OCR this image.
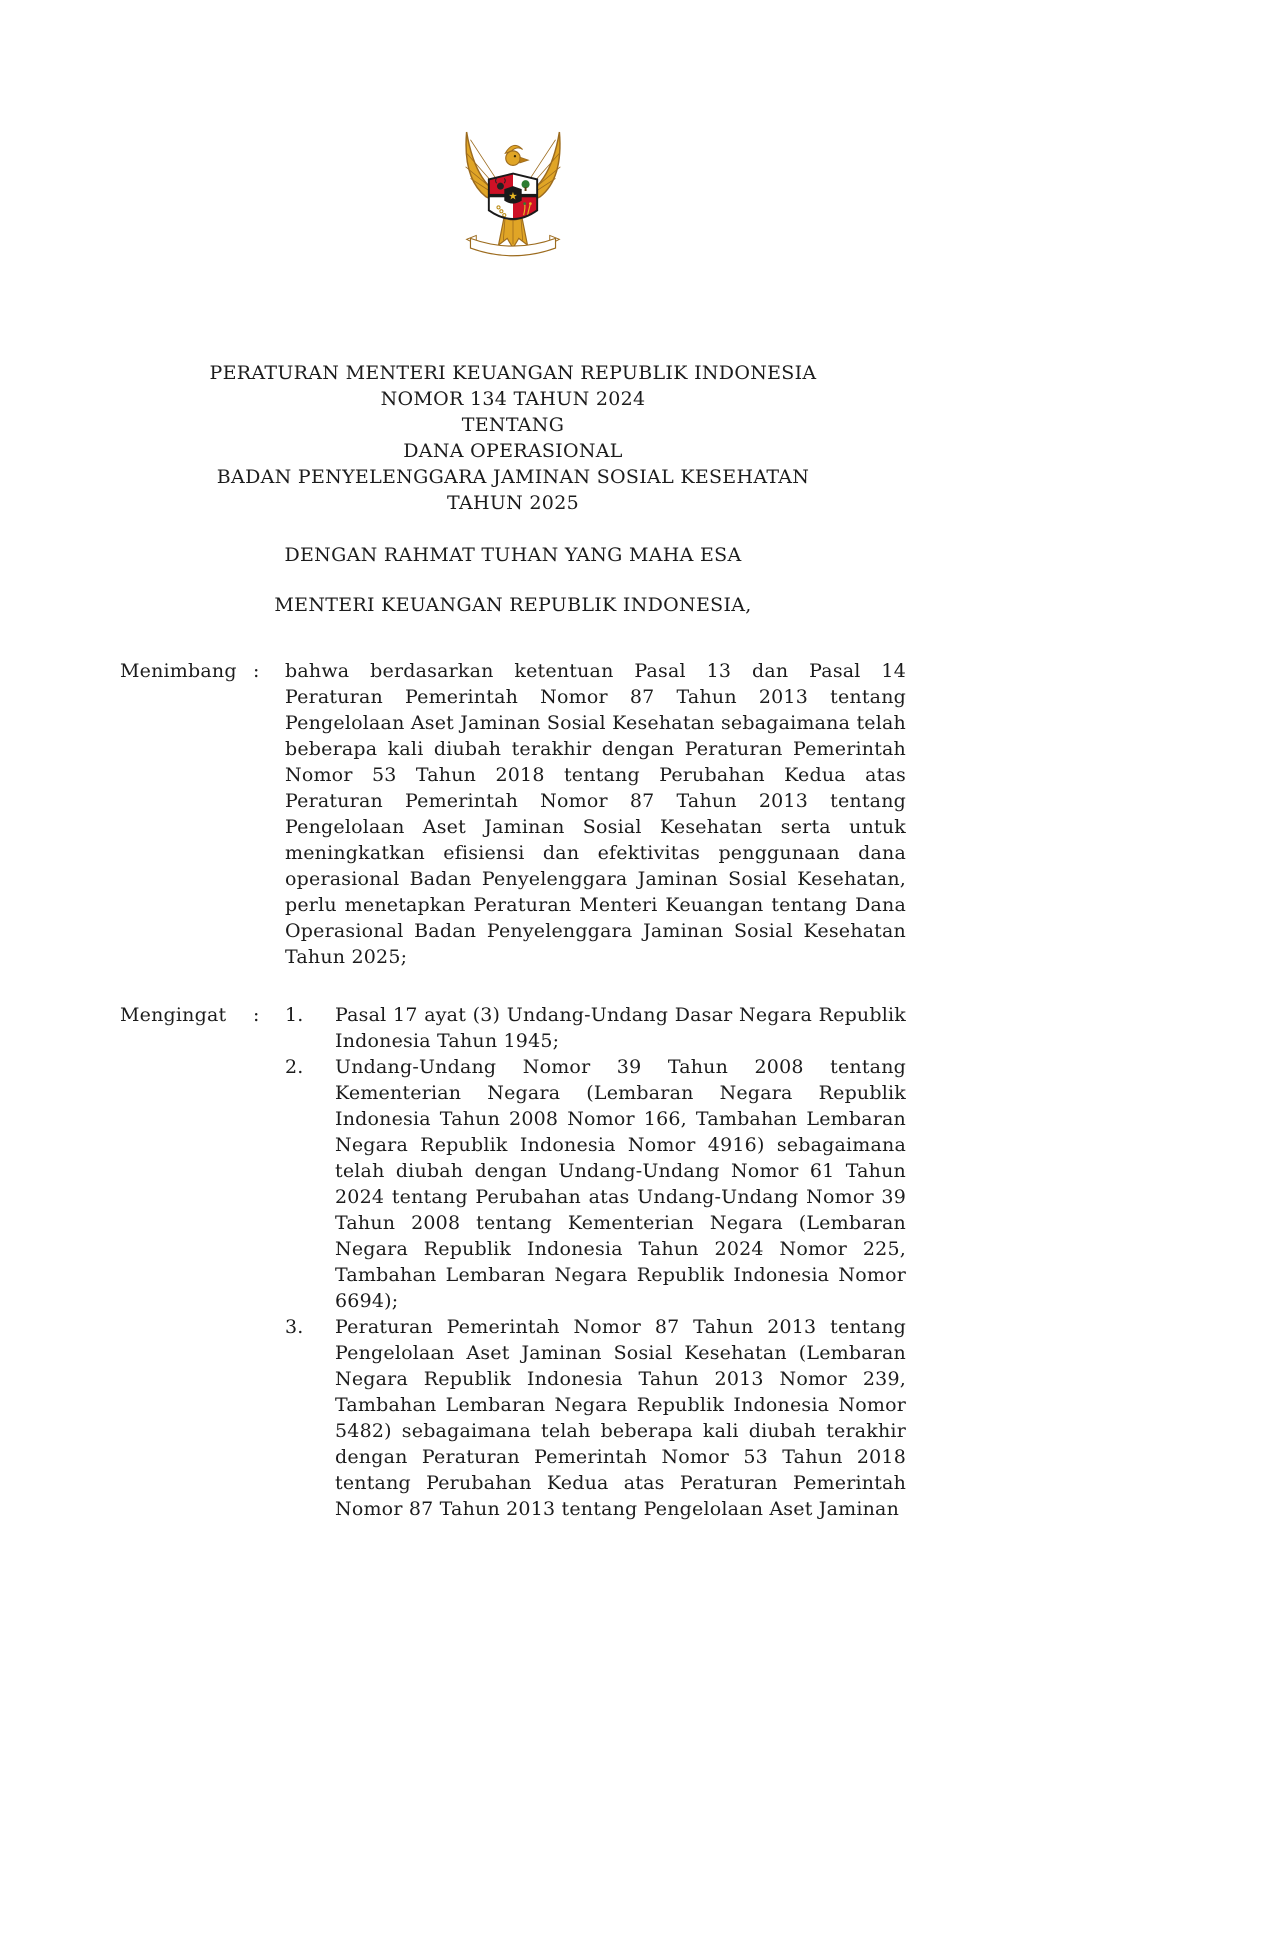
★
PERATURAN MENTERI KEUANGAN REPUBLIK INDONESIA
NOMOR 134 TAHUN 2024
TENTANG
DANA OPERASIONAL
BADAN PENYELENGGARA JAMINAN SOSIAL KESEHATAN
TAHUN 2025
DENGAN RAHMAT TUHAN YANG MAHA ESA
MENTERI KEUANGAN REPUBLIK INDONESIA,
Menimbang :	bahwa berdasarkan ketentuan Pasal 13 dan Pasal 14 Peraturan Pemerintah Nomor 87 Tahun 2013 tentang Pengelolaan Aset Jaminan Sosial Kesehatan sebagaimana telah beberapa kali diubah terakhir dengan Peraturan Pemerintah Nomor 53 Tahun 2018 tentang Perubahan Kedua atas Peraturan Pemerintah Nomor 87 Tahun 2013 tentang Pengelolaan Aset Jaminan Sosial Kesehatan serta untuk meningkatkan efisiensi dan efektivitas penggunaan dana operasional Badan Penyelenggara Jaminan Sosial Kesehatan, perlu menetapkan Peraturan Menteri Keuangan tentang Dana Operasional Badan Penyelenggara Jaminan Sosial Kesehatan Tahun 2025;
Mengingat	:	1.	Pasal 17 ayat (3) Undang-Undang Dasar Negara Republik Indonesia Tahun 1945;
2.	Undang-Undang Nomor 39 Tahun 2008 tentang Kementerian Negara (Lembaran Negara Republik Indonesia Tahun 2008 Nomor 166, Tambahan Lembaran Negara Republik Indonesia Nomor 4916) sebagaimana telah diubah dengan Undang-Undang Nomor 61 Tahun 2024 tentang Perubahan atas Undang-Undang Nomor 39 Tahun 2008 tentang Kementerian Negara (Lembaran Negara Republik Indonesia Tahun 2024 Nomor 225, Tambahan Lembaran Negara Republik Indonesia Nomor 6694);
3.	Peraturan Pemerintah Nomor 87 Tahun 2013 tentang Pengelolaan Aset Jaminan Sosial Kesehatan (Lembaran Negara Republik Indonesia Tahun 2013 Nomor 239, Tambahan Lembaran Negara Republik Indonesia Nomor 5482) sebagaimana telah beberapa kali diubah terakhir dengan Peraturan Pemerintah Nomor 53 Tahun 2018 tentang Perubahan Kedua atas Peraturan Pemerintah Nomor 87 Tahun 2013 tentang Pengelolaan Aset Jaminan
